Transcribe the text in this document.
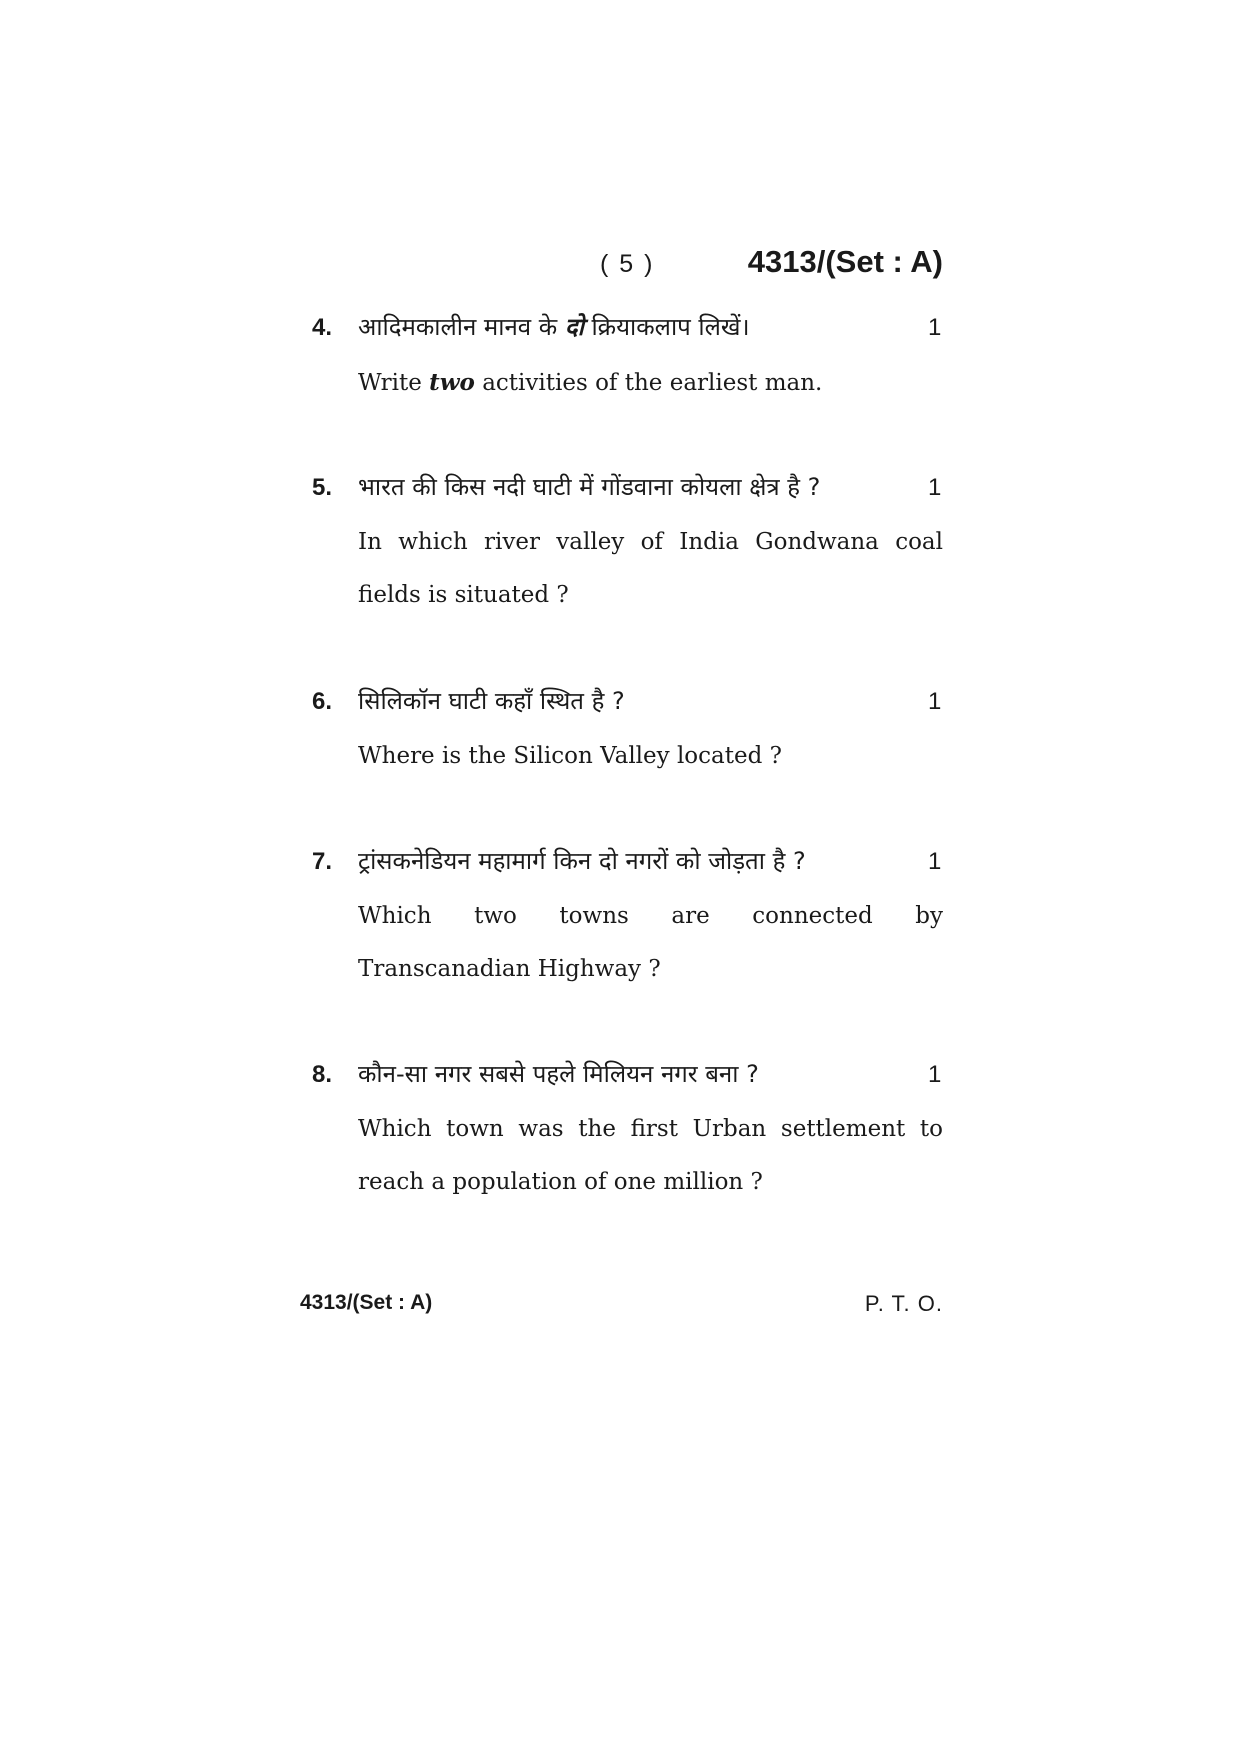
( 5 )	4313/(Set : A)
4. आदिमकालीन मानव के दो क्रियाकलाप लिखें।	1
Write two activities of the earliest man.
5. भारत की किस नदी घाटी में गोंडवाना कोयला क्षेत्र है ?	1
In which river valley of India Gondwana coal
fields is situated ?
6. सिलिकॉन घाटी कहाँ स्थित है ?	1
Where is the Silicon Valley located ?
7. ट्रांसकनेडियन महामार्ग किन दो नगरों को जोड़ता है ?	1
Which two towns are connected by
Transcanadian Highway ?
8. कौन-सा नगर सबसे पहले मिलियन नगर बना ?	1
Which town was the first Urban settlement to
reach a population of one million ?
4313/(Set : A)	P. T. O.
